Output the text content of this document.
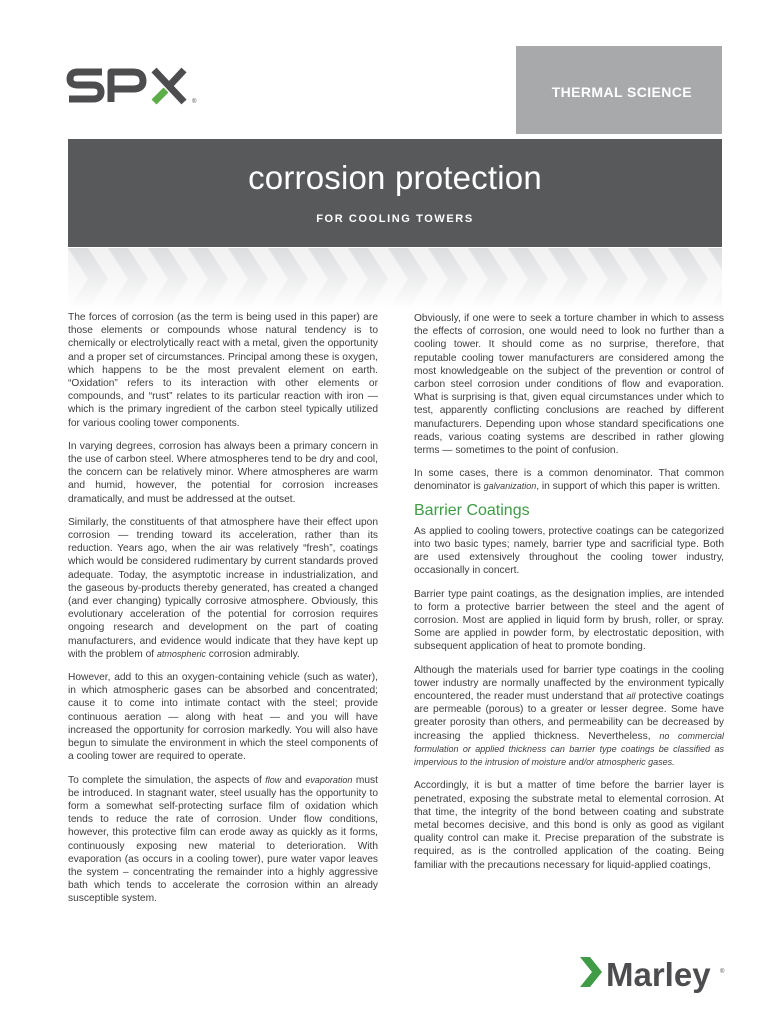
®
THERMAL SCIENCE
corrosion protection
FOR COOLING TOWERS

The forces of corrosion (as the term is being used in this paper) are those elements or compounds whose natural tendency is to chemically or electrolytically react with a metal, given the opportunity and a proper set of circumstances. Principal among these is oxygen, which happens to be the most prevalent element on earth. “Oxidation” refers to its interaction with other elements or compounds, and “rust” relates to its particular reaction with iron — which is the primary ingredient of the carbon steel typically utilized for various cooling tower components.

In varying degrees, corrosion has always been a primary concern in the use of carbon steel. Where atmospheres tend to be dry and cool, the concern can be relatively minor. Where atmospheres are warm and humid, however, the potential for corrosion increases dramatically, and must be addressed at the outset.

Similarly, the constituents of that atmosphere have their effect upon corrosion — trending toward its acceleration, rather than its reduction. Years ago, when the air was relatively “fresh”, coatings which would be considered rudimentary by current standards proved adequate. Today, the asymptotic increase in industrialization, and the gaseous by-products thereby generated, has created a changed (and ever changing) typically corrosive atmosphere. Obviously, this evolutionary acceleration of the potential for corrosion requires ongoing research and development on the part of coating manufacturers, and evidence would indicate that they have kept up with the problem of atmospheric corrosion admirably.

However, add to this an oxygen-containing vehicle (such as water), in which atmospheric gases can be absorbed and concentrated; cause it to come into intimate contact with the steel; provide continuous aeration — along with heat — and you will have increased the opportunity for corrosion markedly. You will also have begun to simulate the environment in which the steel components of a cooling tower are required to operate.

To complete the simulation, the aspects of flow and evaporation must be introduced. In stagnant water, steel usually has the opportunity to form a somewhat self-protecting surface film of oxidation which tends to reduce the rate of corrosion. Under flow conditions, however, this protective film can erode away as quickly as it forms, continuously exposing new material to deterioration. With evaporation (as occurs in a cooling tower), pure water vapor leaves the system – concentrating the remainder into a highly aggressive bath which tends to accelerate the corrosion within an already susceptible system.

Obviously, if one were to seek a torture chamber in which to assess the effects of corrosion, one would need to look no further than a cooling tower. It should come as no surprise, therefore, that reputable cooling tower manufacturers are considered among the most knowledgeable on the subject of the prevention or control of carbon steel corrosion under conditions of flow and evaporation. What is surprising is that, given equal circumstances under which to test, apparently conflicting conclusions are reached by different manufacturers. Depending upon whose standard specifications one reads, various coating systems are described in rather glowing terms — sometimes to the point of confusion.

In some cases, there is a common denominator. That common denominator is galvanization, in support of which this paper is written.

Barrier Coatings

As applied to cooling towers, protective coatings can be categorized into two basic types; namely, barrier type and sacrificial type. Both are used extensively throughout the cooling tower industry, occasionally in concert.

Barrier type paint coatings, as the designation implies, are intended to form a protective barrier between the steel and the agent of corrosion. Most are applied in liquid form by brush, roller, or spray. Some are applied in powder form, by electrostatic deposition, with subsequent application of heat to promote bonding.

Although the materials used for barrier type coatings in the cooling tower industry are normally unaffected by the environment typically encountered, the reader must understand that all protective coatings are permeable (porous) to a greater or lesser degree. Some have greater porosity than others, and permeability can be decreased by increasing the applied thickness. Nevertheless, no commercial formulation or applied thickness can barrier type coatings be classified as impervious to the intrusion of moisture and/or atmospheric gases.

Accordingly, it is but a matter of time before the barrier layer is penetrated, exposing the substrate metal to elemental corrosion. At that time, the integrity of the bond between coating and substrate metal becomes decisive, and this bond is only as good as vigilant quality control can make it. Precise preparation of the substrate is required, as is the controlled application of the coating. Being familiar with the precautions necessary for liquid-applied coatings,

Marley ®
